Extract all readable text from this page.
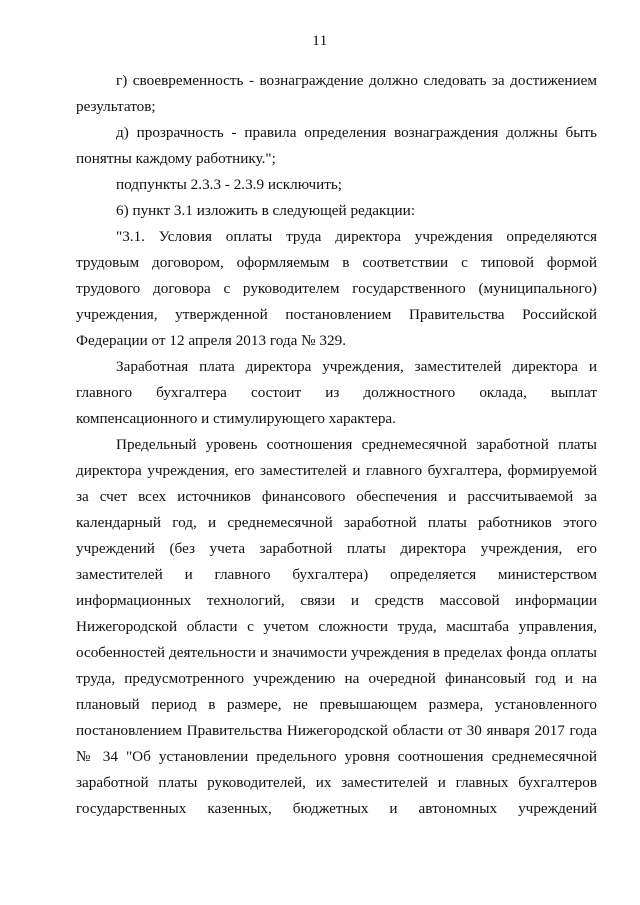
11

г) своевременность - вознаграждение должно следовать за достижением результатов;

д) прозрачность - правила определения вознаграждения должны быть понятны каждому работнику.";

подпункты 2.3.3 - 2.3.9 исключить;

6) пункт 3.1 изложить в следующей редакции:

"3.1. Условия оплаты труда директора учреждения определяются трудовым договором, оформляемым в соответствии с типовой формой трудового договора с руководителем государственного (муниципального) учреждения, утвержденной постановлением Правительства Российской Федерации от 12 апреля 2013 года № 329.

Заработная плата директора учреждения, заместителей директора и главного бухгалтера состоит из должностного оклада, выплат компенсационного и стимулирующего характера.

Предельный уровень соотношения среднемесячной заработной платы директора учреждения, его заместителей и главного бухгалтера, формируемой за счет всех источников финансового обеспечения и рассчитываемой за календарный год, и среднемесячной заработной платы работников этого учреждений (без учета заработной платы директора учреждения, его заместителей и главного бухгалтера) определяется министерством информационных технологий, связи и средств массовой информации Нижегородской области с учетом сложности труда, масштаба управления, особенностей деятельности и значимости учреждения в пределах фонда оплаты труда, предусмотренного учреждению на очередной финансовый год и на плановый период в размере, не превышающем размера, установленного постановлением Правительства Нижегородской области от 30 января 2017 года № 34 "Об установлении предельного уровня соотношения среднемесячной заработной платы руководителей, их заместителей и главных бухгалтеров государственных казенных, бюджетных и автономных учреждений
